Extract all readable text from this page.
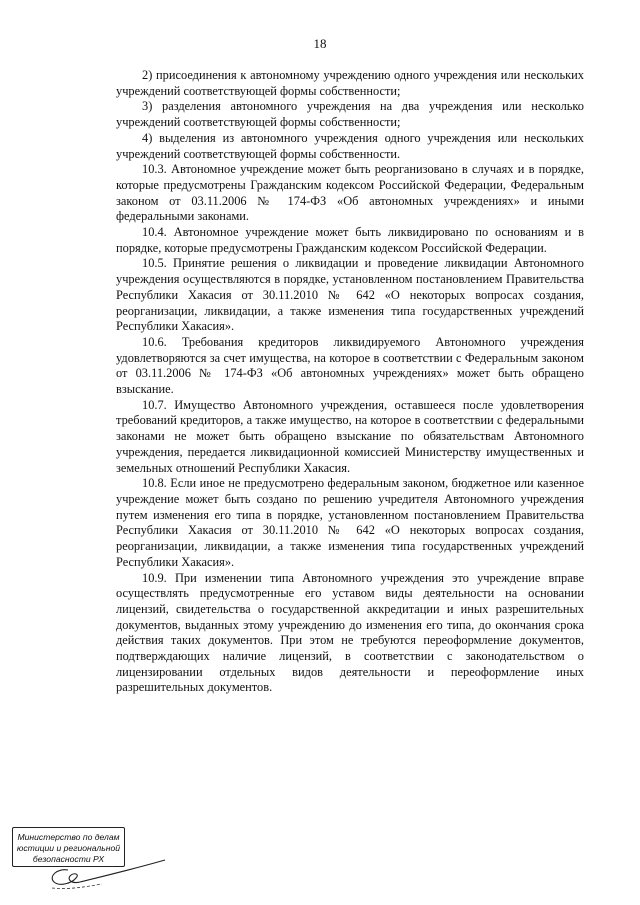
18

2) присоединения к автономному учреждению одного учреждения или нескольких учреждений соответствующей формы собственности;

3) разделения автономного учреждения на два учреждения или несколько учреждений соответствующей формы собственности;

4) выделения из автономного учреждения одного учреждения или нескольких учреждений соответствующей формы собственности.

10.3. Автономное учреждение может быть реорганизовано в случаях и в порядке, которые предусмотрены Гражданским кодексом Российской Федерации, Федеральным законом от 03.11.2006 № 174-ФЗ «Об автономных учреждениях» и иными федеральными законами.

10.4. Автономное учреждение может быть ликвидировано по основаниям и в порядке, которые предусмотрены Гражданским кодексом Российской Федерации.

10.5. Принятие решения о ликвидации и проведение ликвидации Автономного учреждения осуществляются в порядке, установленном постановлением Правительства Республики Хакасия от 30.11.2010 № 642 «О некоторых вопросах создания, реорганизации, ликвидации, а также изменения типа государственных учреждений Республики Хакасия».

10.6. Требования кредиторов ликвидируемого Автономного учреждения удовлетворяются за счет имущества, на которое в соответствии с Федеральным законом от 03.11.2006 № 174-ФЗ «Об автономных учреждениях» может быть обращено взыскание.

10.7. Имущество Автономного учреждения, оставшееся после удовлетворения требований кредиторов, а также имущество, на которое в соответствии с федеральными законами не может быть обращено взыскание по обязательствам Автономного учреждения, передается ликвидационной комиссией Министерству имущественных и земельных отношений Республики Хакасия.

10.8. Если иное не предусмотрено федеральным законом, бюджетное или казенное учреждение может быть создано по решению учредителя Автономного учреждения путем изменения его типа в порядке, установленном постановлением Правительства Республики Хакасия от 30.11.2010 № 642 «О некоторых вопросах создания, реорганизации, ликвидации, а также изменения типа государственных учреждений Республики Хакасия».

10.9. При изменении типа Автономного учреждения это учреждение вправе осуществлять предусмотренные его уставом виды деятельности на основании лицензий, свидетельства о государственной аккредитации и иных разрешительных документов, выданных этому учреждению до изменения его типа, до окончания срока действия таких документов. При этом не требуются переоформление документов, подтверждающих наличие лицензий, в соответствии с законодательством о лицензировании отдельных видов деятельности и переоформление иных разрешительных документов.

Министерство по делам
юстиции и региональной
безопасности РХ
